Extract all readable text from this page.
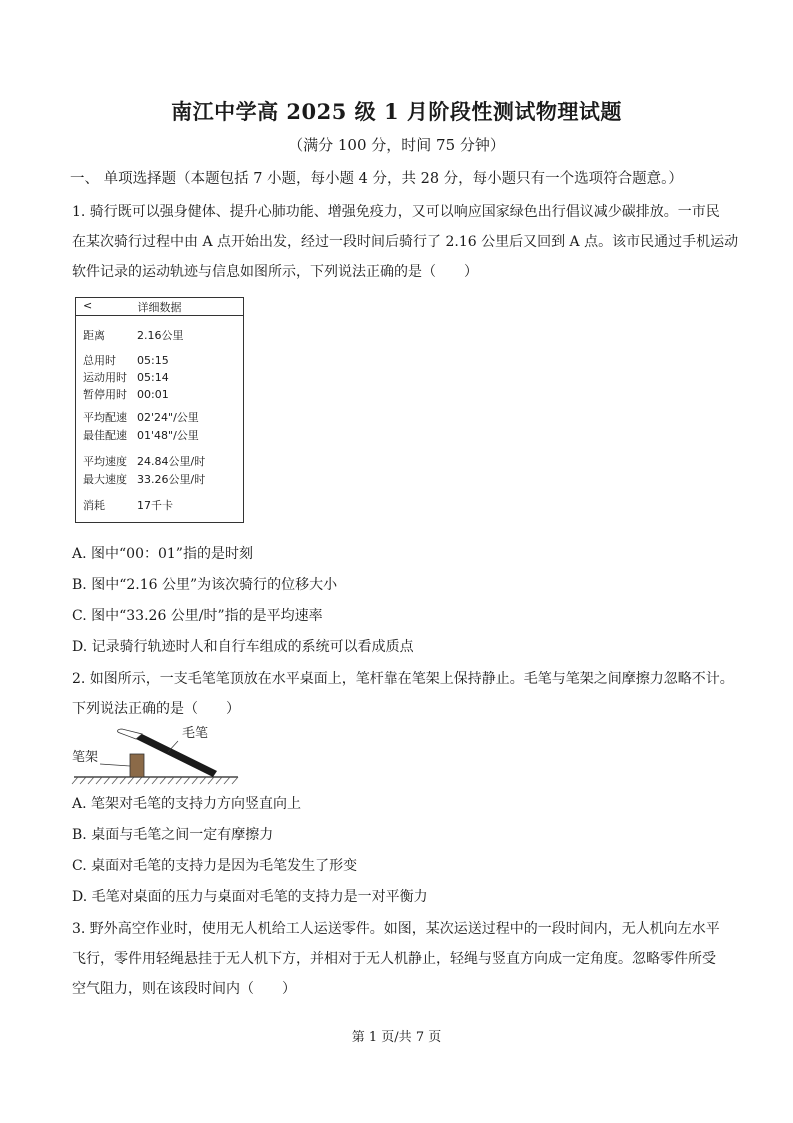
南江中学高 2025 级 1 月阶段性测试物理试题
（满分 100 分，时间 75 分钟）
一、 单项选择题（本题包括 7 小题，每小题 4 分，共 28 分，每小题只有一个选项符合题意。）
1. 骑行既可以强身健体、提升心肺功能、增强免疫力，又可以响应国家绿色出行倡议减少碳排放。一市民
在某次骑行过程中由 A 点开始出发，经过一段时间后骑行了 2.16 公里后又回到 A 点。该市民通过手机运动
软件记录的运动轨迹与信息如图所示，下列说法正确的是（　　）
<	详细数据
距离	2.16公里
总用时 05:15
运动用时 05:14
暂停用时 00:01
平均配速 02'24"/公里
最佳配速 01'48"/公里
平均速度 24.84公里/时
最大速度 33.26公里/时
消耗	17千卡
A. 图中“00：01”指的是时刻
B. 图中“2.16 公里”为该次骑行的位移大小
C. 图中“33.26 公里/时”指的是平均速率
D. 记录骑行轨迹时人和自行车组成的系统可以看成质点
2. 如图所示，一支毛笔笔顶放在水平桌面上，笔杆靠在笔架上保持静止。毛笔与笔架之间摩擦力忽略不计。
下列说法正确的是（　　）
毛笔
笔架
A. 笔架对毛笔的支持力方向竖直向上
B. 桌面与毛笔之间一定有摩擦力
C. 桌面对毛笔的支持力是因为毛笔发生了形变
D. 毛笔对桌面的压力与桌面对毛笔的支持力是一对平衡力
3. 野外高空作业时，使用无人机给工人运送零件。如图，某次运送过程中的一段时间内，无人机向左水平
飞行，零件用轻绳悬挂于无人机下方，并相对于无人机静止，轻绳与竖直方向成一定角度。忽略零件所受
空气阻力，则在该段时间内（　　）
第 1 页/共 7 页
